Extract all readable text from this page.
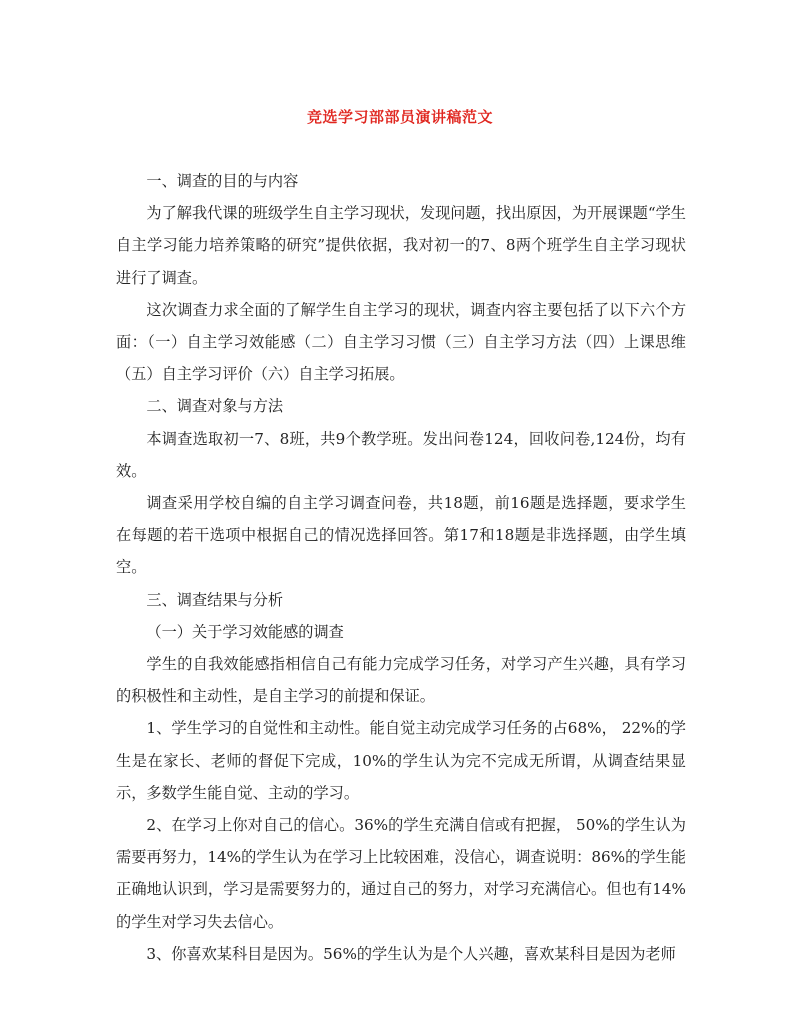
竞选学习部部员演讲稿范文

一、调查的目的与内容

为了解我代课的班级学生自主学习现状，发现问题，找出原因，为开展课题“学生自主学习能力培养策略的研究”提供依据，我对初一的7、8两个班学生自主学习现状进行了调查。

这次调查力求全面的了解学生自主学习的现状，调查内容主要包括了以下六个方面：（一）自主学习效能感（二）自主学习习惯（三）自主学习方法（四）上课思维（五）自主学习评价（六）自主学习拓展。

二、调查对象与方法

本调查选取初一7、8班，共9个教学班。发出问卷124，回收问卷,124份，均有效。

调查采用学校自编的自主学习调查问卷，共18题，前16题是选择题，要求学生在每题的若干选项中根据自己的情况选择回答。第17和18题是非选择题，由学生填空。

三、调查结果与分析

（一）关于学习效能感的调查

学生的自我效能感指相信自己有能力完成学习任务，对学习产生兴趣，具有学习的积极性和主动性，是自主学习的前提和保证。

1、学生学习的自觉性和主动性。能自觉主动完成学习任务的占68%， 22%的学生是在家长、老师的督促下完成，10%的学生认为完不完成无所谓，从调查结果显示，多数学生能自觉、主动的学习。

2、在学习上你对自己的信心。36%的学生充满自信或有把握， 50%的学生认为需要再努力，14%的学生认为在学习上比较困难，没信心，调查说明：86%的学生能正确地认识到，学习是需要努力的，通过自己的努力，对学习充满信心。但也有14%的学生对学习失去信心。

3、你喜欢某科目是因为。56%的学生认为是个人兴趣，喜欢某科目是因为老师
